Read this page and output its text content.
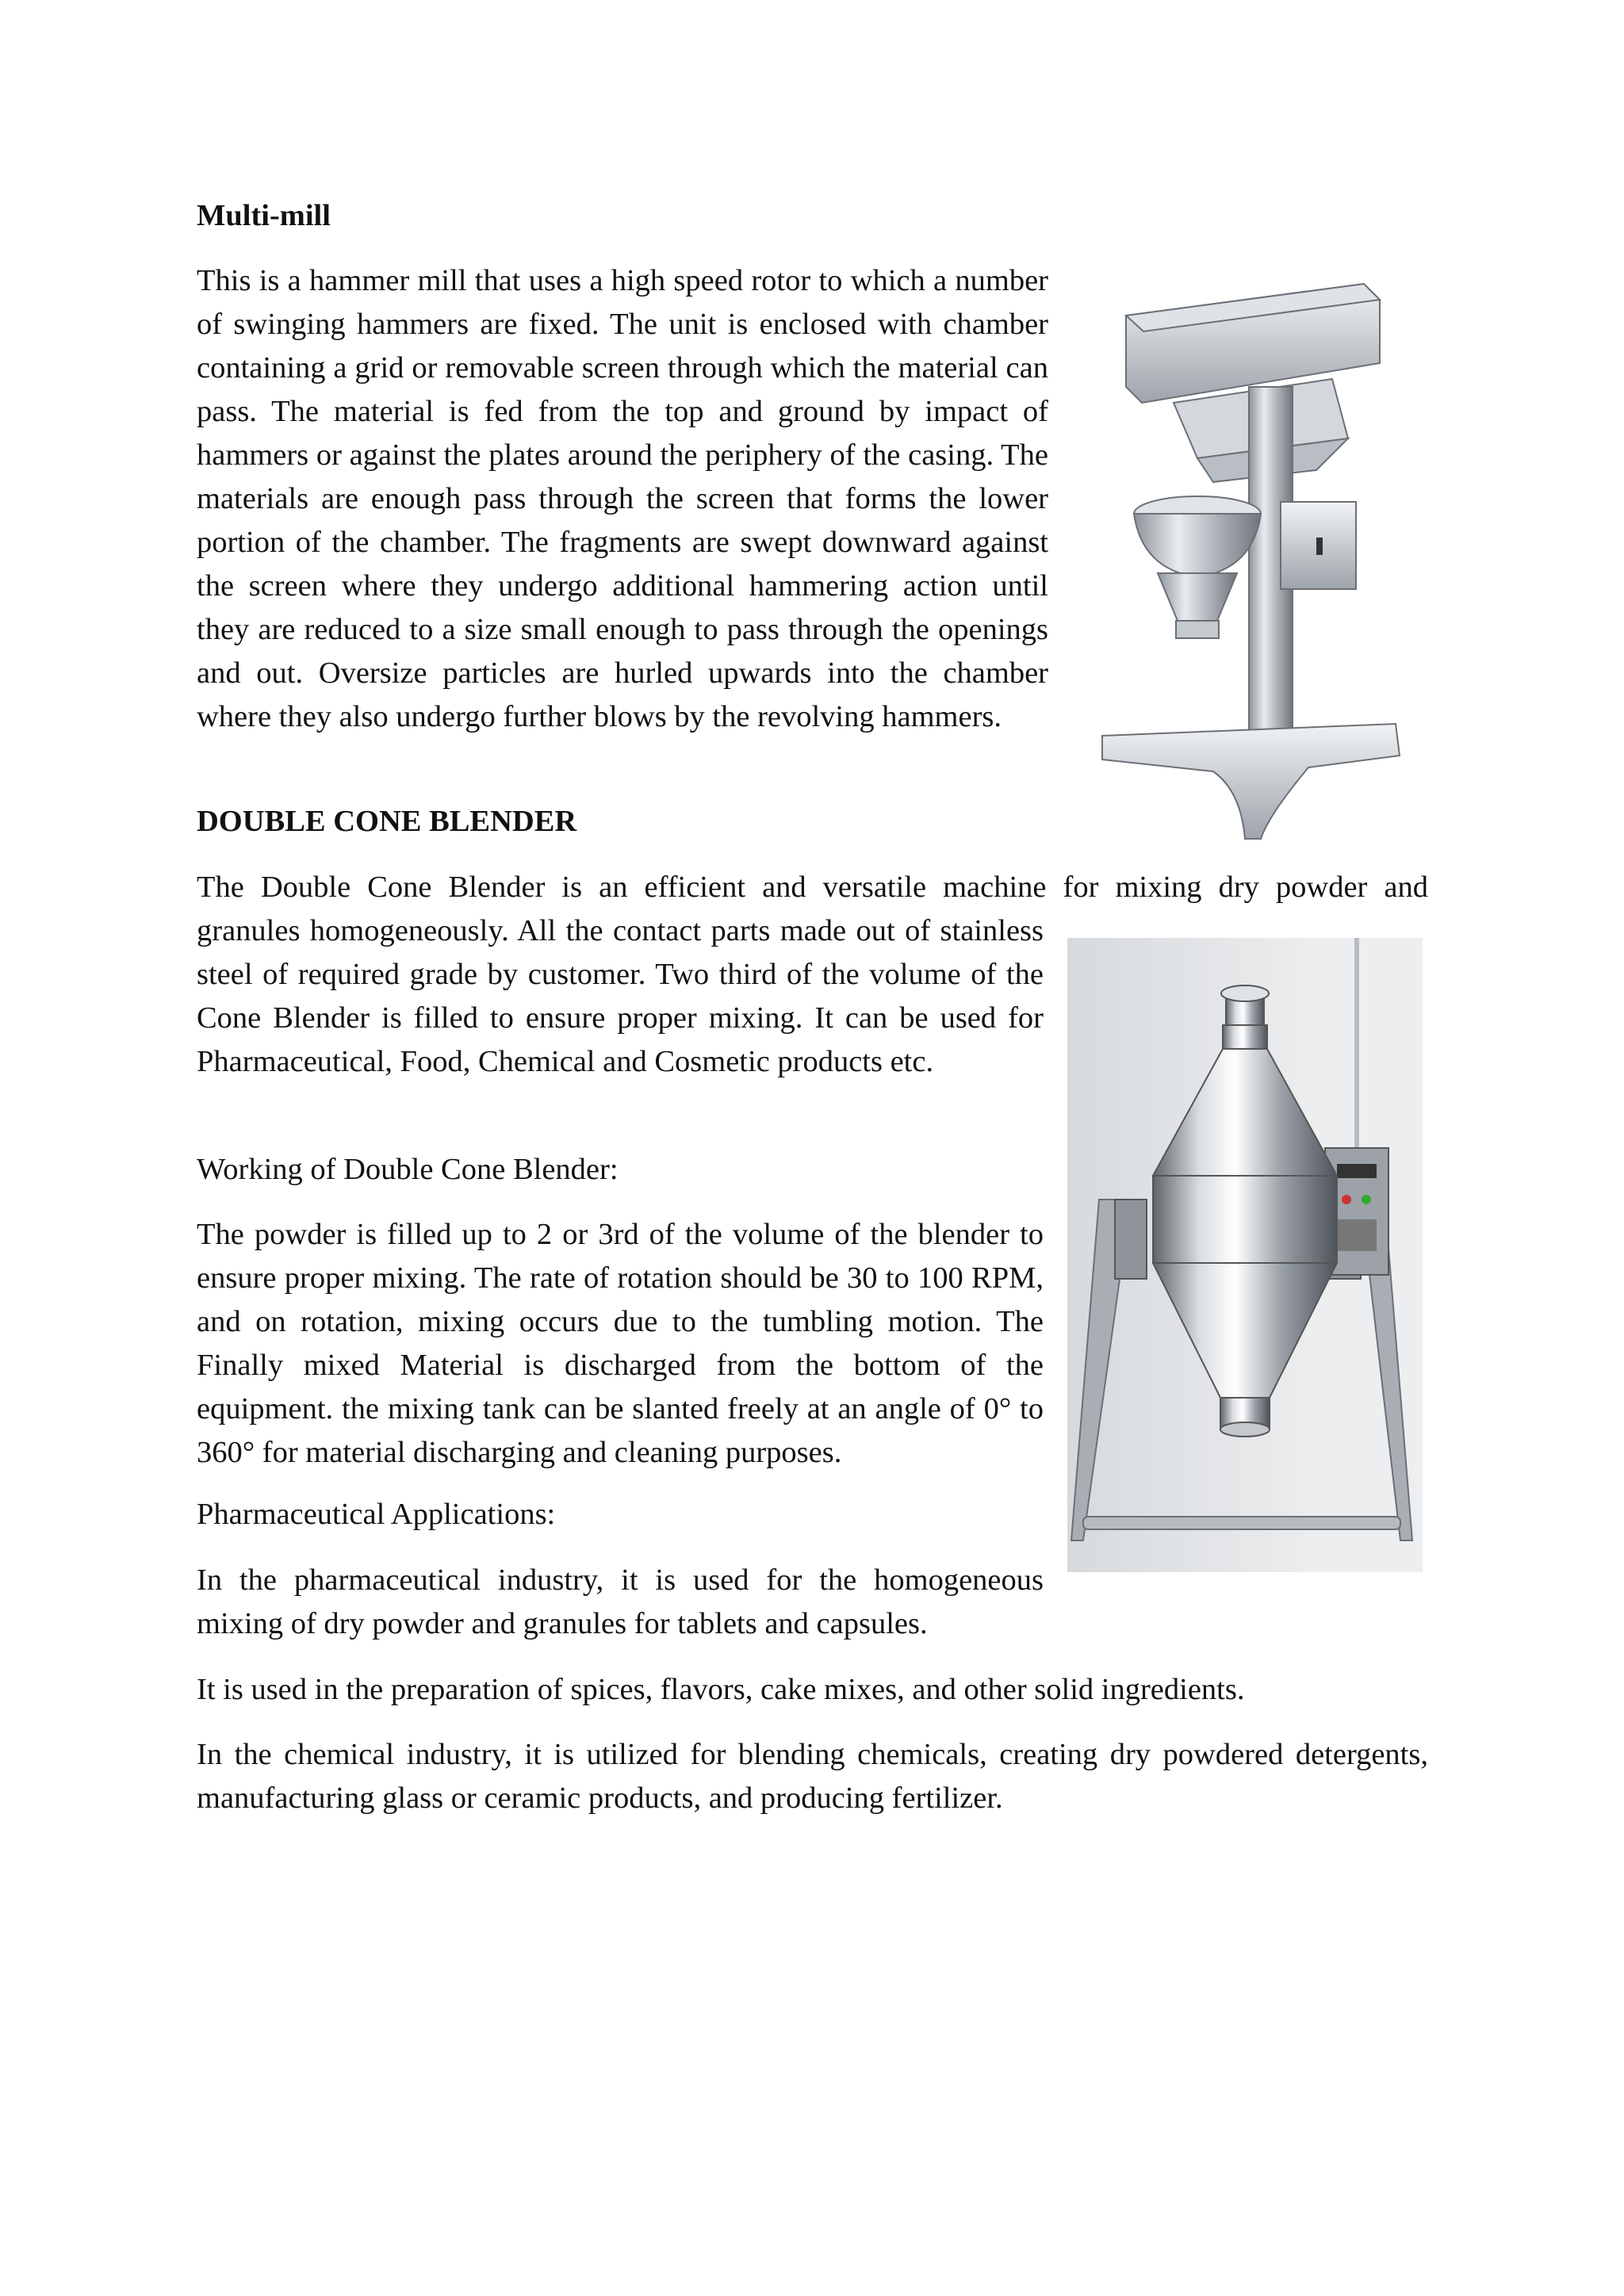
Multi-mill

This is a hammer mill that uses a high speed rotor to which a number of swinging hammers are fixed. The unit is enclosed with chamber containing a grid or removable screen through which the material can pass. The material is fed from the top and ground by impact of hammers or against the plates around the periphery of the casing. The materials are enough pass through the screen that forms the lower portion of the chamber. The fragments are swept downward against the screen where they undergo additional hammering action until they are reduced to a size small enough to pass through the openings and out. Oversize particles are hurled upwards into the chamber where they also undergo further blows by the revolving hammers.

DOUBLE CONE BLENDER

The Double Cone Blender is an efficient and versatile machine for mixing dry powder and

granules homogeneously. All the contact parts made out of stainless steel of required grade by customer. Two third of the volume of the Cone Blender is filled to ensure proper mixing. It can be used for Pharmaceutical, Food, Chemical and Cosmetic products etc.

Working of Double Cone Blender:

The powder is filled up to 2 or 3rd of the volume of the blender to ensure proper mixing. The rate of rotation should be 30 to 100 RPM, and on rotation, mixing occurs due to the tumbling motion. The Finally mixed Material is discharged from the bottom of the equipment. the mixing tank can be slanted freely at an angle of 0° to 360° for material discharging and cleaning purposes.

Pharmaceutical Applications:

In the pharmaceutical industry, it is used for the homogeneous mixing of dry powder and granules for tablets and capsules.

It is used in the preparation of spices, flavors, cake mixes, and other solid ingredients.

In the chemical industry, it is utilized for blending chemicals, creating dry powdered detergents, manufacturing glass or ceramic products, and producing fertilizer.
